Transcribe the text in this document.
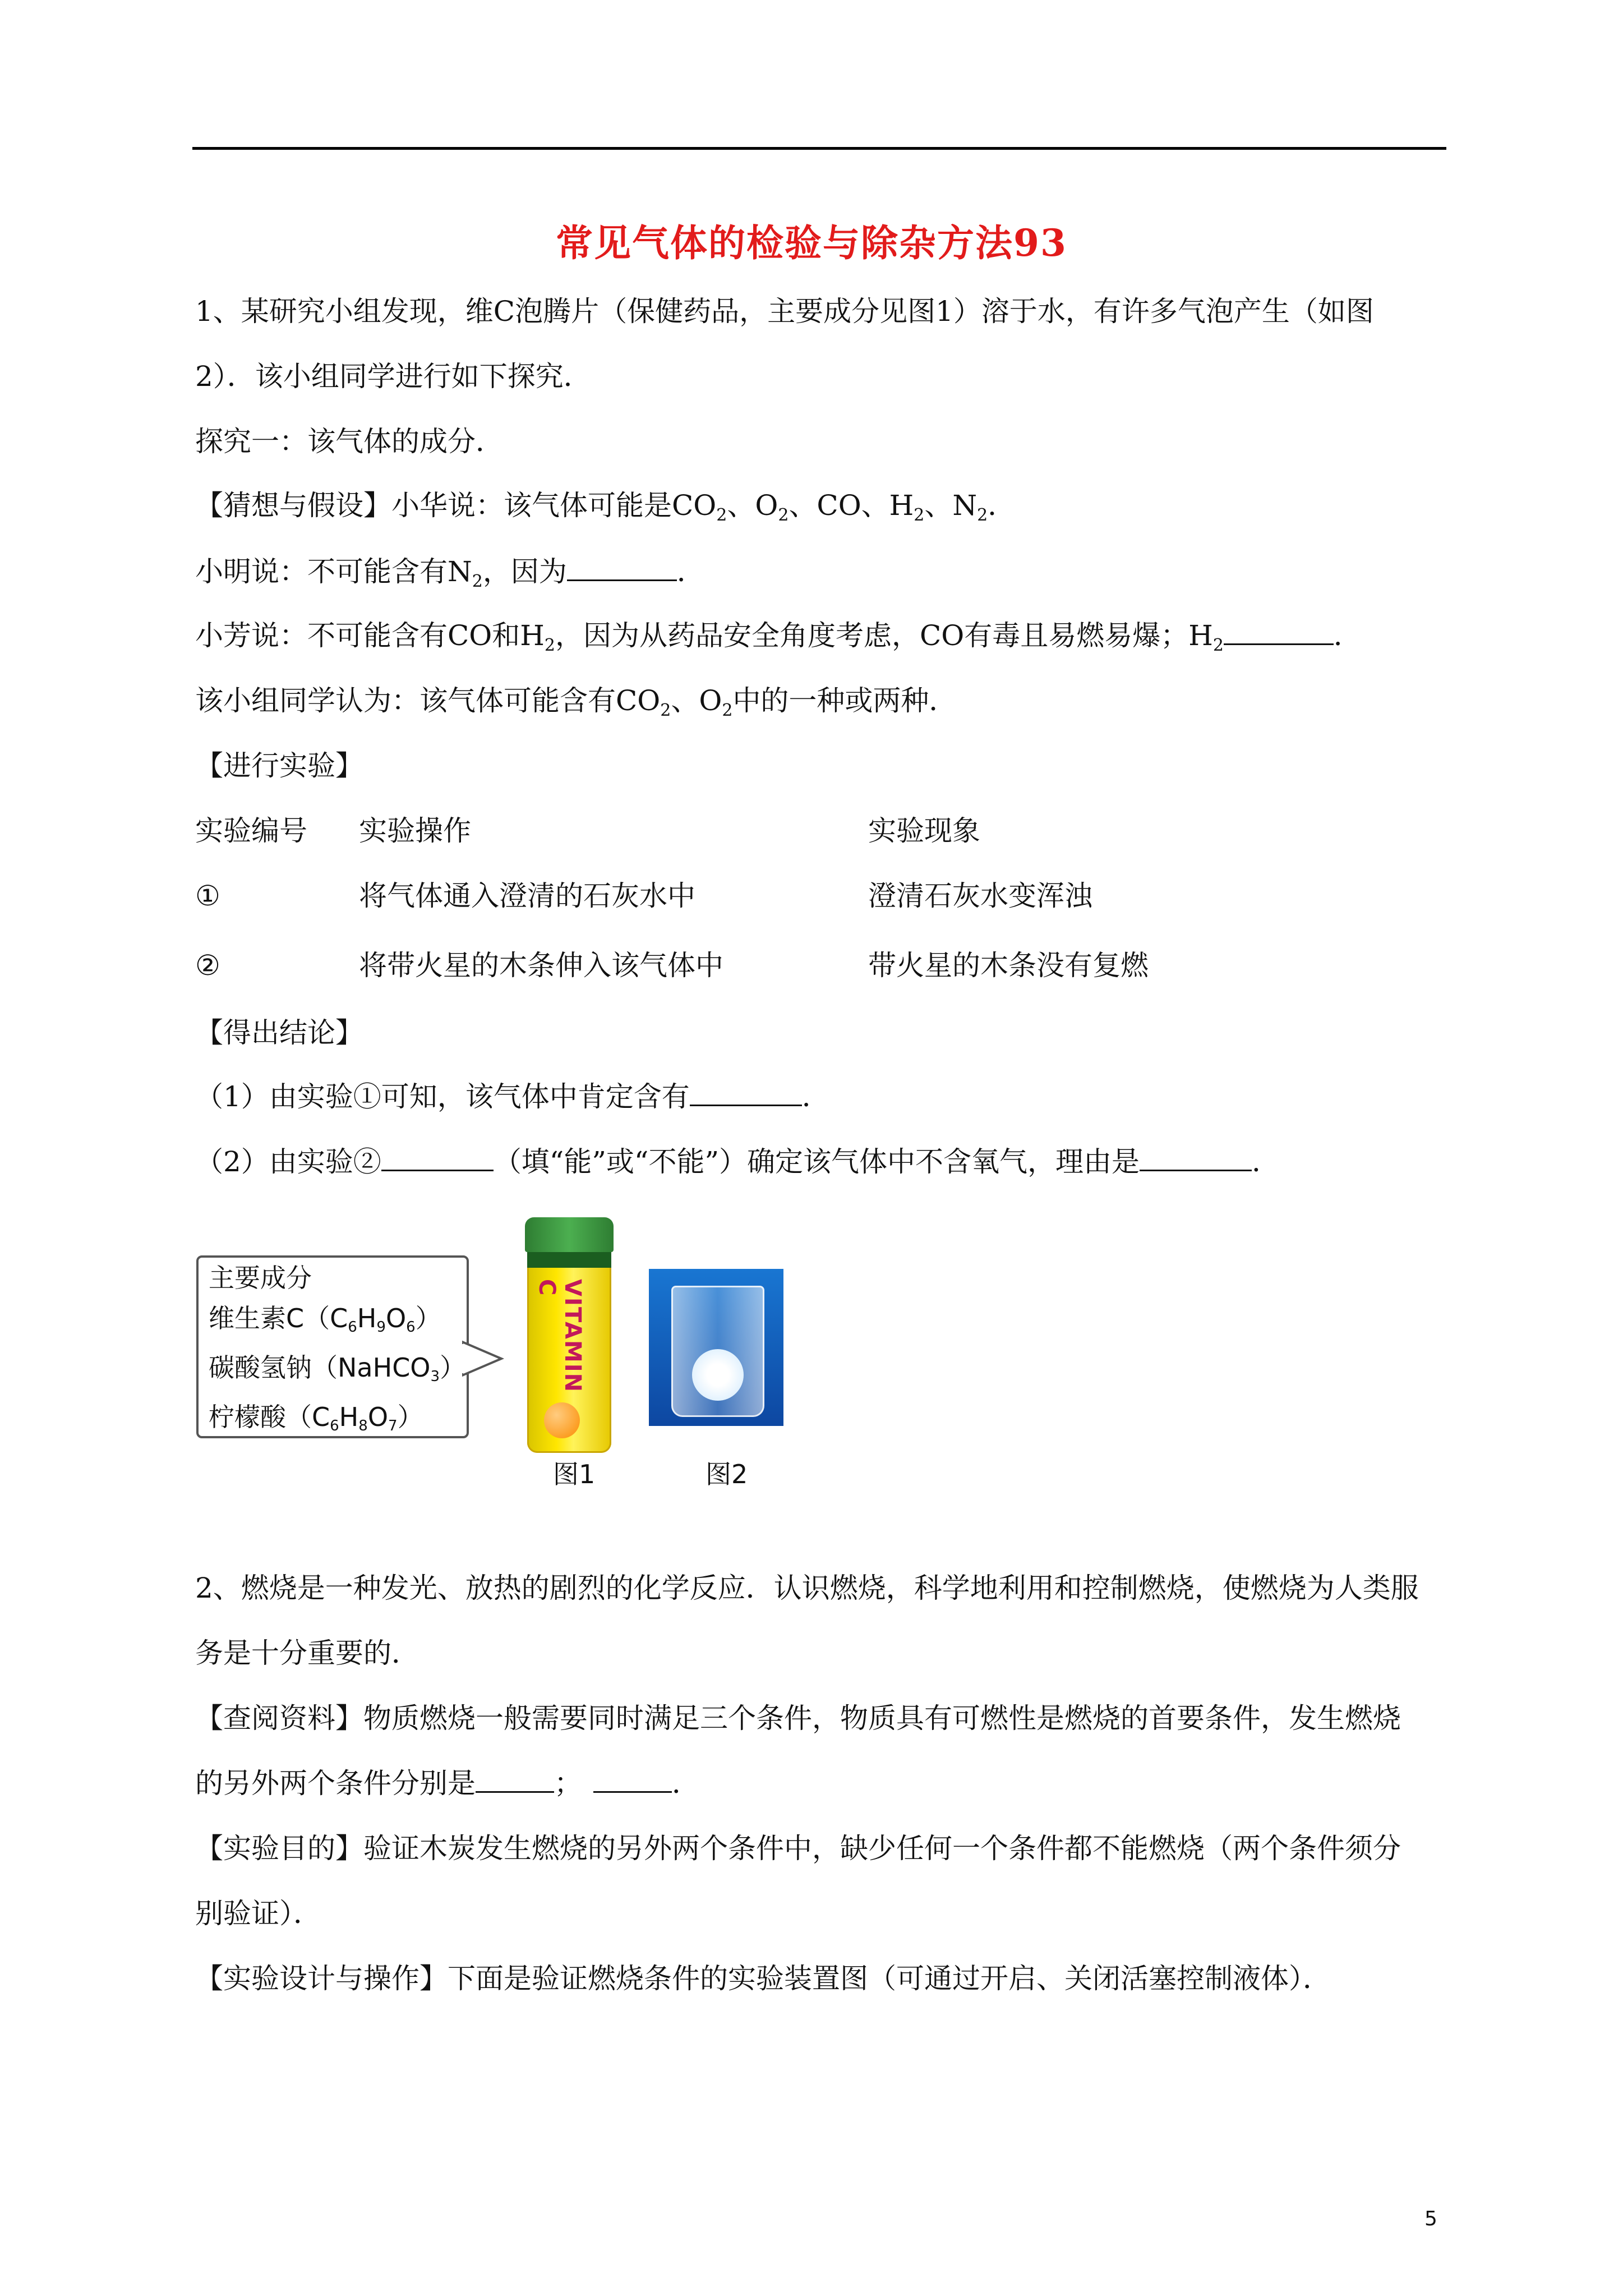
常见气体的检验与除杂方法93
1、某研究小组发现，维C泡腾片（保健药品，主要成分见图1）溶于水，有许多气泡产生（如图
2）．该小组同学进行如下探究．
探究一：该气体的成分．
【猜想与假设】小华说：该气体可能是$CO_2$、$O_2$、CO、$H_2$、$N_2$．
小明说：不可能含有$N_2$，因为	．
小芳说：不可能含有CO和$H_2$，因为从药品安全角度考虑，CO有毒且易燃易爆；$H_2$	．
该小组同学认为：该气体可能含有$CO_2$、$O_2$中的一种或两种．
【进行实验】
实验编号 实验操作	实验现象
①	将气体通入澄清的石灰水中	澄清石灰水变浑浊
②	将带火星的木条伸入该气体中	带火星的木条没有复燃
【得出结论】
（1）由实验①可知，该气体中肯定含有	．
（2）由实验②	（填“能”或“不能”）确定该气体中不含氧气，理由是	．
主要成分
维生素$C(C_6H_9O_6)$
碳酸氢钠（NaHCO$_3$）
柠檬酸$(C_6H_8O_7)$
VITAMIN C
图1	图2
2、燃烧是一种发光、放热的剧烈的化学反应．认识燃烧，科学地利用和控制燃烧，使燃烧为人类服
务是十分重要的．
【查阅资料】物质燃烧一般需要同时满足三个条件，物质具有可燃性是燃烧的首要条件，发生燃烧
的另外两个条件分别是	；	．
【实验目的】验证木炭发生燃烧的另外两个条件中，缺少任何一个条件都不能燃烧（两个条件须分
别验证）．
【实验设计与操作】下面是验证燃烧条件的实验装置图（可通过开启、关闭活塞控制液体）．
5
